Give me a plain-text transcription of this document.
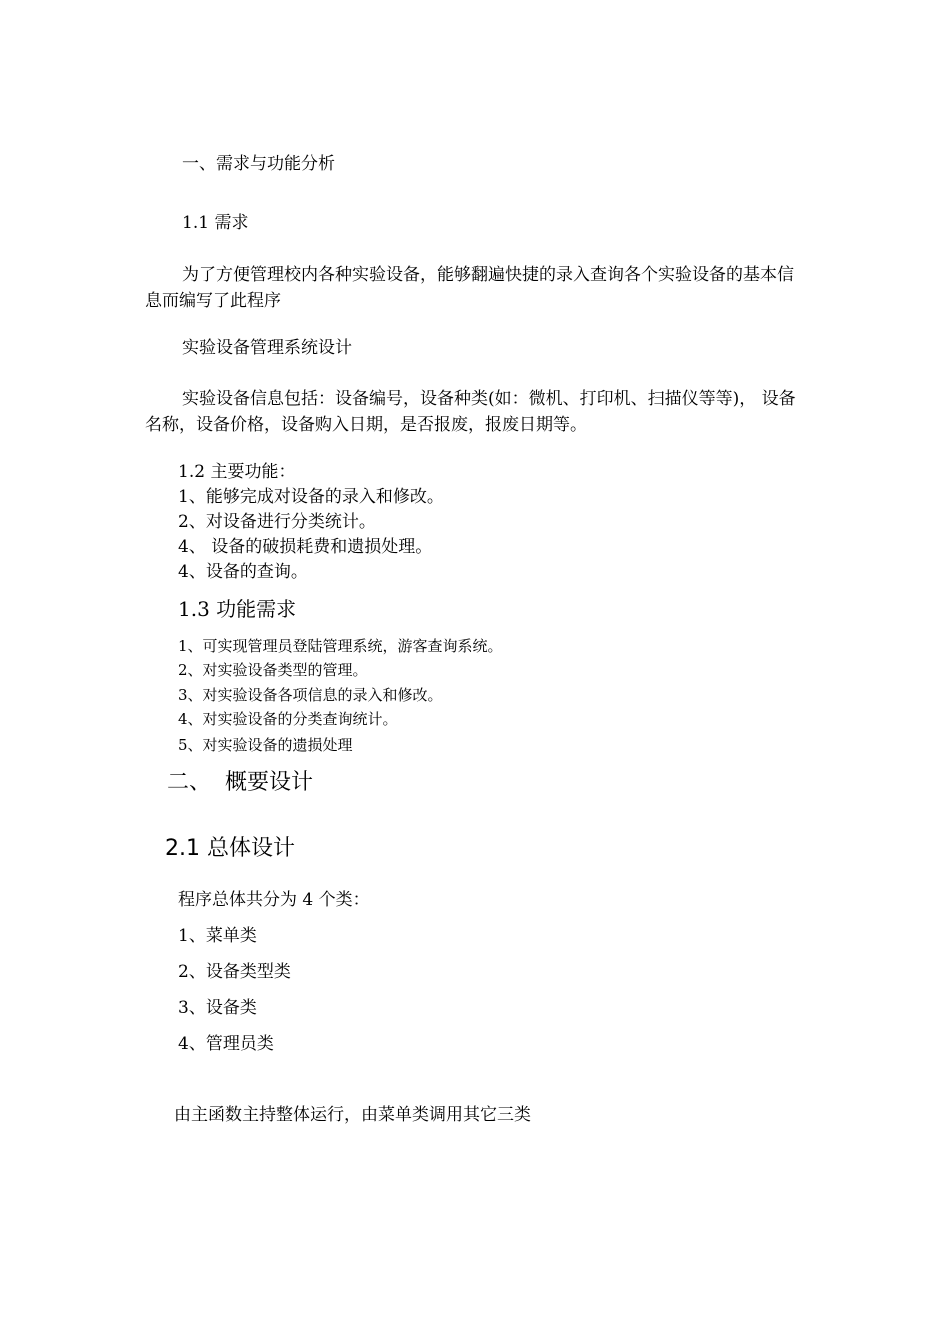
一、需求与功能分析
1.1 需求
为了方便管理校内各种实验设备，能够翻遍快捷的录入查询各个实验设备的基本信息而编写了此程序
实验设备管理系统设计
实验设备信息包括：设备编号，设备种类(如：微机、打印机、扫描仪等等)， 设备名称，设备价格，设备购入日期，是否报废，报废日期等。
1.2 主要功能：
1、能够完成对设备的录入和修改。
2、对设备进行分类统计。
4、 设备的破损耗费和遗损处理。
4、设备的查询。
1.3 功能需求
1、可实现管理员登陆管理系统，游客查询系统。
2、对实验设备类型的管理。
3、对实验设备各项信息的录入和修改。
4、对实验设备的分类查询统计。
5、对实验设备的遗损处理
二、  概要设计
2.1 总体设计
程序总体共分为 4 个类：
1、菜单类
2、设备类型类
3、设备类
4、管理员类
由主函数主持整体运行，由菜单类调用其它三类
